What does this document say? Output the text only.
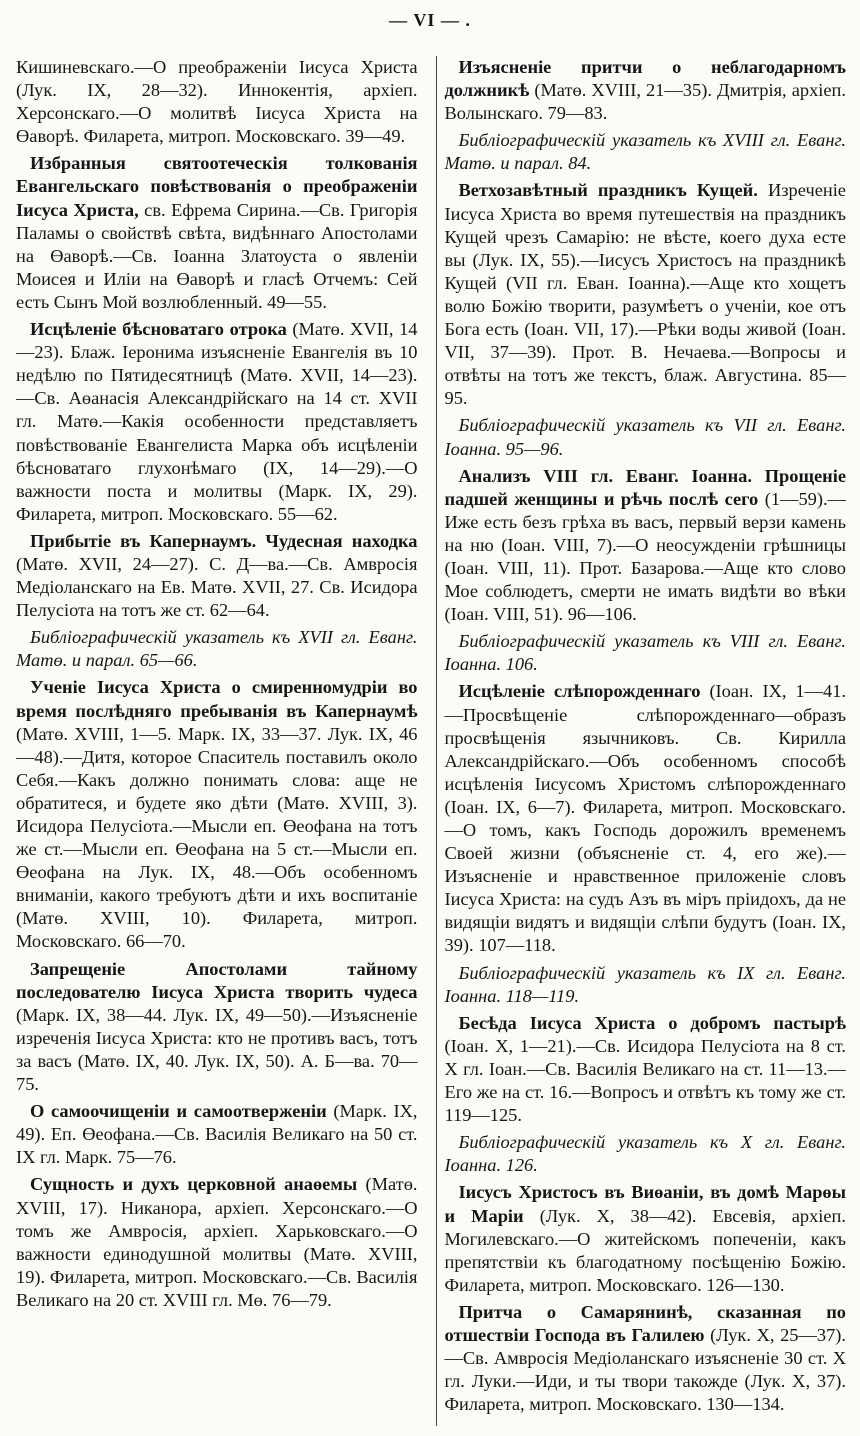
— VI — .

Кишиневскаго.—О преображенiи Iисуса Христа (Лук. IX, 28—32). Иннокентiя, архiеп. Херсонскаго.—О молитвѣ Iисуса Христа на Өаворѣ. Филарета, митроп. Московскаго. 39—49.

Избранныя святоотеческiя толкованiя Евангельскаго повѣствованiя о преображенiи Iисуса Христа, св. Ефрема Сирина.—Св. Григорiя Паламы о свойствѣ свѣта, видѣннаго Апостолами на Өаворѣ.—Св. Iоанна Златоуста о явленiи Моисея и Илiи на Өаворѣ и гласѣ Отчемъ: Сей есть Сынъ Мой возлюбленный. 49—55.

Исцѣленiе бѣсноватаго отрока (Матө. XVII, 14—23). Блаж. Iеронима изъясненiе Евангелiя въ 10 недѣлю по Пятидесятницѣ (Матө. XVII, 14—23).—Св. Аөанасiя Александрiйскаго на 14 ст. XVII гл. Матө.—Какiя особенности представляетъ повѣствованiе Евангелиста Марка объ исцѣленiи бѣсноватаго глухонѣмаго (IX, 14—29).—О важности поста и молитвы (Марк. IX, 29). Филарета, митроп. Московскаго. 55—62.

Прибытiе въ Капернаумъ. Чудесная находка (Матө. XVII, 24—27). С. Д—ва.—Св. Амвросiя Медiоланскаго на Ев. Матө. XVII, 27. Св. Исидора Пелусiота на тотъ же ст. 62—64.

Библiографическiй указатель къ XVII гл. Еванг. Матө. и парал. 65—66.

Ученiе Iисуса Христа о смиренномудрiи во время послѣдняго пребыванiя въ Капернаумѣ (Матө. XVIII, 1—5. Марк. IX, 33—37. Лук. IX, 46—48).—Дитя, которое Спаситель поставилъ около Себя.—Какъ должно понимать слова: аще не обратитеся, и будете яко дѣти (Матө. XVIII, 3). Исидора Пелусiота.—Мысли еп. Өеофана на тотъ же ст.—Мысли еп. Өеофана на 5 ст.—Мысли еп. Өеофана на Лук. IX, 48.—Объ особенномъ вниманiи, какого требуютъ дѣти и ихъ воспитанiе (Матө. XVIII, 10). Филарета, митроп. Московскаго. 66—70.

Запрещенiе Апостолами тайному последователю Iисуса Христа творить чудеса (Марк. IX, 38—44. Лук. IX, 49—50).—Изъясненiе изреченiя Iисуса Христа: кто не противъ васъ, тотъ за васъ (Матө. IX, 40. Лук. IX, 50). А. Б—ва. 70—75.

О самоочищенiи и самоотверженiи (Марк. IX, 49). Еп. Өеофана.—Св. Василiя Великаго на 50 ст. IX гл. Марк. 75—76.

Сущность и духъ церковной анаөемы (Матө. XVIII, 17). Никанора, архiеп. Херсонскаго.—О томъ же Амвросiя, архiеп. Харьковскаго.—О важности единодушной молитвы (Матө. XVIII, 19). Филарета, митроп. Московскаго.—Св. Василiя Великаго на 20 ст. XVIII гл. Мө. 76—79.

Изъясненiе притчи о неблагодарномъ должникѣ (Матө. XVIII, 21—35). Дмитрiя, архiеп. Волынскаго. 79—83.

Библiографическiй указатель къ XVIII гл. Еванг. Матө. и парал. 84.

Ветхозавѣтный праздникъ Кущей. Изреченiе Iисуса Христа во время путешествiя на праздникъ Кущей чрезъ Самарiю: не вѣсте, коего духа есте вы (Лук. IX, 55).—Iисусъ Христосъ на праздникѣ Кущей (VII гл. Еван. Iоанна).—Аще кто хощетъ волю Божiю творити, разумѣетъ о ученiи, кое отъ Бога есть (Iоан. VII, 17).—Рѣки воды живой (Iоан. VII, 37—39). Прот. В. Нечаева.—Вопросы и отвѣты на тотъ же текстъ, блаж. Августина. 85—95.

Библiографическiй указатель къ VII гл. Еванг. Iоанна. 95—96.

Анализъ VIII гл. Еванг. Iоанна. Прощенiе падшей женщины и рѣчь послѣ сего (1—59).—Иже есть безъ грѣха въ васъ, первый верзи камень на ню (Iоан. VIII, 7).—О неосужденiи грѣшницы (Iоан. VIII, 11). Прот. Базарова.—Аще кто слово Мое соблюдетъ, смерти не имать видѣти во вѣки (Iоан. VIII, 51). 96—106.

Библiографическiй указатель къ VIII гл. Еванг. Iоанна. 106.

Исцѣленiе слѣпорожденнаго (Iоан. IX, 1—41.—Просвѣщенiе слѣпорожденнаго—образъ просвѣщенiя язычниковъ. Св. Кирилла Александрiйскаго.—Объ особенномъ способѣ исцѣленiя Iисусомъ Христомъ слѣпорожденнаго (Iоан. IX, 6—7). Филарета, митроп. Московскаго.—О томъ, какъ Господь дорожилъ временемъ Своей жизни (объясненiе ст. 4, его же).—Изъясненiе и нравственное приложенiе словъ Iисуса Христа: на судъ Азъ въ мiръ прiидохъ, да не видящiи видятъ и видящiи слѣпи будутъ (Iоан. IX, 39). 107—118.

Библiографическiй указатель къ IX гл. Еванг. Iоанна. 118—119.

Бесѣда Iисуса Христа о добромъ пастырѣ (Iоан. X, 1—21).—Св. Исидора Пелусiота на 8 ст. X гл. Iоан.—Св. Василiя Великаго на ст. 11—13.—Его же на ст. 16.—Вопросъ и отвѣтъ къ тому же ст. 119—125.

Библiографическiй указатель къ X гл. Еванг. Iоанна. 126.

Iисусъ Христосъ въ Виөанiи, въ домѣ Марөы и Марiи (Лук. X, 38—42). Евсевiя, архiеп. Могилевскаго.—О житейскомъ попеченiи, какъ препятствiи къ благодатному посѣщенiю Божiю. Филарета, митроп. Московскаго. 126—130.

Притча о Самарянинѣ, сказанная по отшествiи Господа въ Галилею (Лук. X, 25—37).—Св. Амвросiя Медiоланскаго изъясненiе 30 ст. X гл. Луки.—Иди, и ты твори такожде (Лук. X, 37). Филарета, митроп. Московскаго. 130—134.
